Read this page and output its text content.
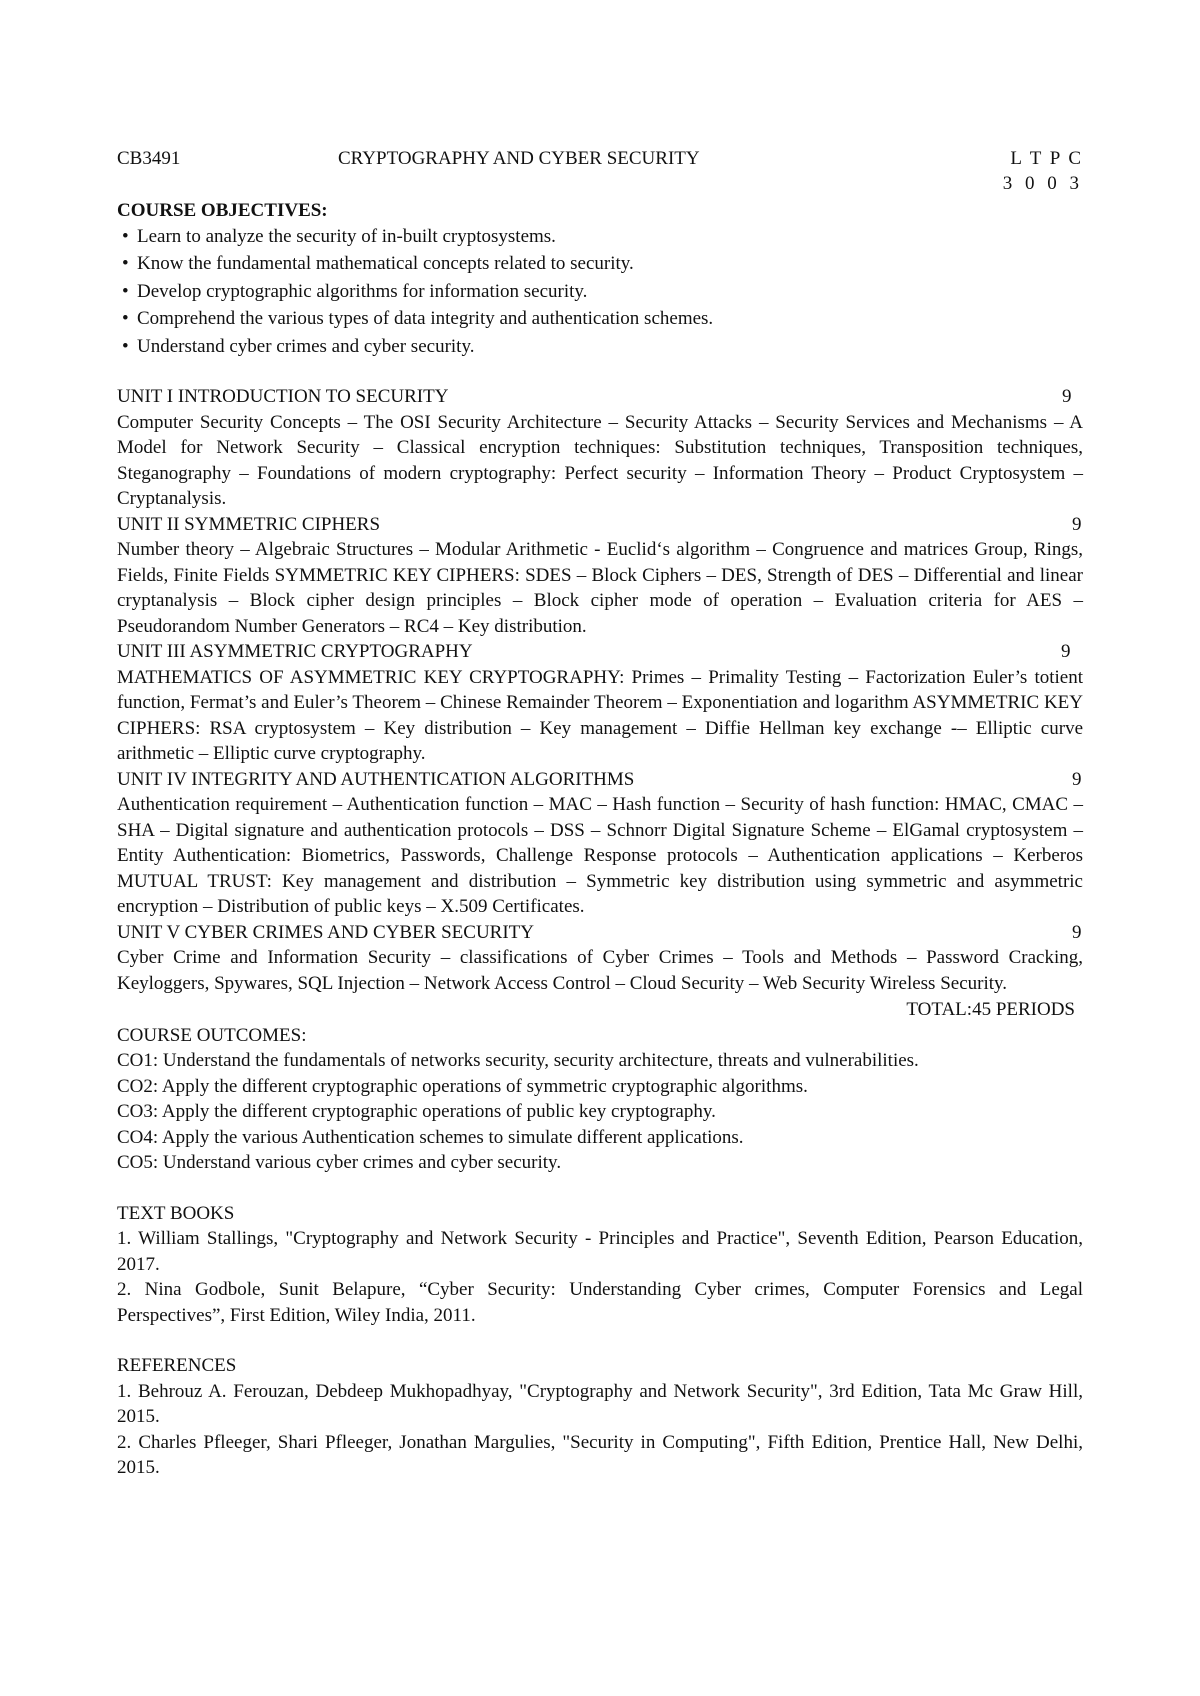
CB3491	CRYPTOGRAPHY AND CYBER SECURITY	L T P C
3 0 0 3
COURSE OBJECTIVES:
• Learn to analyze the security of in-built cryptosystems.
• Know the fundamental mathematical concepts related to security.
• Develop cryptographic algorithms for information security.
• Comprehend the various types of data integrity and authentication schemes.
• Understand cyber crimes and cyber security.
UNIT I INTRODUCTION TO SECURITY	9
Computer Security Concepts – The OSI Security Architecture – Security Attacks – Security Services and Mechanisms – A Model for Network Security – Classical encryption techniques: Substitution techniques, Transposition techniques, Steganography – Foundations of modern cryptography: Perfect security – Information Theory – Product Cryptosystem – Cryptanalysis.
UNIT II SYMMETRIC CIPHERS	9
Number theory – Algebraic Structures – Modular Arithmetic - Euclid‘s algorithm – Congruence and matrices Group, Rings, Fields, Finite Fields SYMMETRIC KEY CIPHERS: SDES – Block Ciphers – DES, Strength of DES – Differential and linear cryptanalysis – Block cipher design principles – Block cipher mode of operation – Evaluation criteria for AES – Pseudorandom Number Generators – RC4 – Key distribution.
UNIT III ASYMMETRIC CRYPTOGRAPHY	9
MATHEMATICS OF ASYMMETRIC KEY CRYPTOGRAPHY: Primes – Primality Testing – Factorization Euler’s totient function, Fermat’s and Euler’s Theorem – Chinese Remainder Theorem – Exponentiation and logarithm ASYMMETRIC KEY CIPHERS: RSA cryptosystem – Key distribution – Key management – Diffie Hellman key exchange -– Elliptic curve arithmetic – Elliptic curve cryptography.
UNIT IV INTEGRITY AND AUTHENTICATION ALGORITHMS	9
Authentication requirement – Authentication function – MAC – Hash function – Security of hash function: HMAC, CMAC – SHA – Digital signature and authentication protocols – DSS – Schnorr Digital Signature Scheme – ElGamal cryptosystem – Entity Authentication: Biometrics, Passwords, Challenge Response protocols – Authentication applications – Kerberos MUTUAL TRUST: Key management and distribution – Symmetric key distribution using symmetric and asymmetric encryption – Distribution of public keys – X.509 Certificates.
UNIT V CYBER CRIMES AND CYBER SECURITY	9
Cyber Crime and Information Security – classifications of Cyber Crimes – Tools and Methods – Password Cracking, Keyloggers, Spywares, SQL Injection – Network Access Control – Cloud Security – Web Security Wireless Security.
TOTAL:45 PERIODS
COURSE OUTCOMES:
CO1: Understand the fundamentals of networks security, security architecture, threats and vulnerabilities.
CO2: Apply the different cryptographic operations of symmetric cryptographic algorithms.
CO3: Apply the different cryptographic operations of public key cryptography.
CO4: Apply the various Authentication schemes to simulate different applications.
CO5: Understand various cyber crimes and cyber security.
TEXT BOOKS
1. William Stallings, "Cryptography and Network Security - Principles and Practice", Seventh Edition, Pearson Education, 2017.
2. Nina Godbole, Sunit Belapure, “Cyber Security: Understanding Cyber crimes, Computer Forensics and Legal Perspectives”, First Edition, Wiley India, 2011.
REFERENCES
1. Behrouz A. Ferouzan, Debdeep Mukhopadhyay, "Cryptography and Network Security", 3rd Edition, Tata Mc Graw Hill, 2015.
2. Charles Pfleeger, Shari Pfleeger, Jonathan Margulies, "Security in Computing", Fifth Edition, Prentice Hall, New Delhi, 2015.
